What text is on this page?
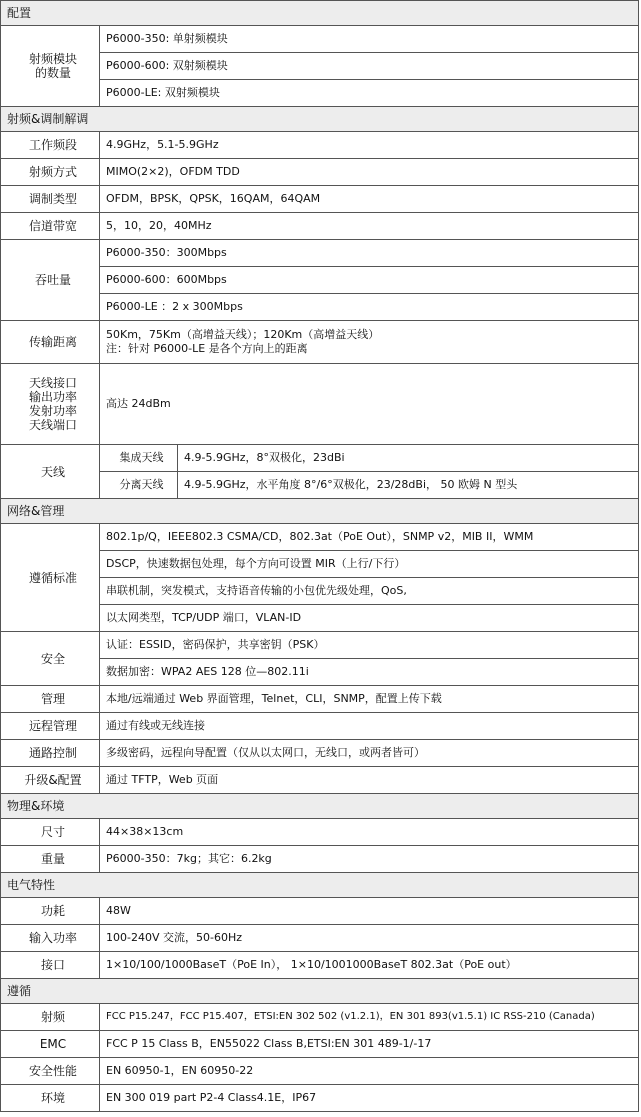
配置		

射频模块
的数量	P6000-350: 单射频模块	
	P6000-600: 双射频模块	
	P6000-LE: 双射频模块	
射频&调制解调		
工作频段	4.9GHz，5.1-5.9GHz	
射频方式	MIMO(2×2)，OFDM TDD	
调制类型	OFDM，BPSK，QPSK，16QAM，64QAM	
信道带宽	5，10，20，40MHz	
吞吐量	P6000-350：300Mbps	
	P6000-600：600Mbps	
	P6000-LE ：2 x 300Mbps	
传输距离	50Km，75Km（高增益天线）；120Km（高增益天线）
注：针对 P6000-LE 是各个方向上的距离	

天线接口
输出功率
发射功率
天线端口	高达 24dBm	
天线	集成天线	4.9-5.9GHz，8°双极化，23dBi
	分离天线	4.9-5.9GHz，水平角度 8°/6°双极化，23/28dBi， 50 欧姆 N 型头
网络&管理		
遵循标准	802.1p/Q，IEEE802.3 CSMA/CD，802.3at（PoE Out），SNMP v2，MIB II，WMM	
	DSCP，快速数据包处理，每个方向可设置 MIR（上行/下行）	
	串联机制，突发模式，支持语音传输的小包优先级处理，QoS,	
	以太网类型，TCP/UDP 端口，VLAN-ID	
安全	认证：ESSID，密码保护，共享密钥（PSK）	
	数据加密：WPA2 AES 128 位—802.11i	
管理	本地/远端通过 Web 界面管理，Telnet，CLI，SNMP，配置上传下载	
远程管理	通过有线或无线连接	
通路控制	多级密码，远程向导配置（仅从以太网口，无线口，或两者皆可）	
升级&配置	通过 TFTP，Web 页面	
物理&环境		
尺寸	44×38×13cm	
重量	P6000-350：7kg；其它：6.2kg	
电气特性		
功耗	48W	
输入功率	100-240V 交流，50-60Hz	
接口	1×10/100/1000BaseT（PoE In）， 1×10/1001000BaseT 802.3at（PoE out）	
遵循		
射频	FCC P15.247，FCC P15.407，ETSI:EN 302 502 (v1.2.1)，EN 301 893(v1.5.1) IC RSS-210 (Canada)	
EMC	FCC P 15 Class B，EN55022 Class B,ETSI:EN 301 489-1/-17	
安全性能	EN 60950-1，EN 60950-22	
环境	EN 300 019 part P2-4 Class4.1E，IP67	
